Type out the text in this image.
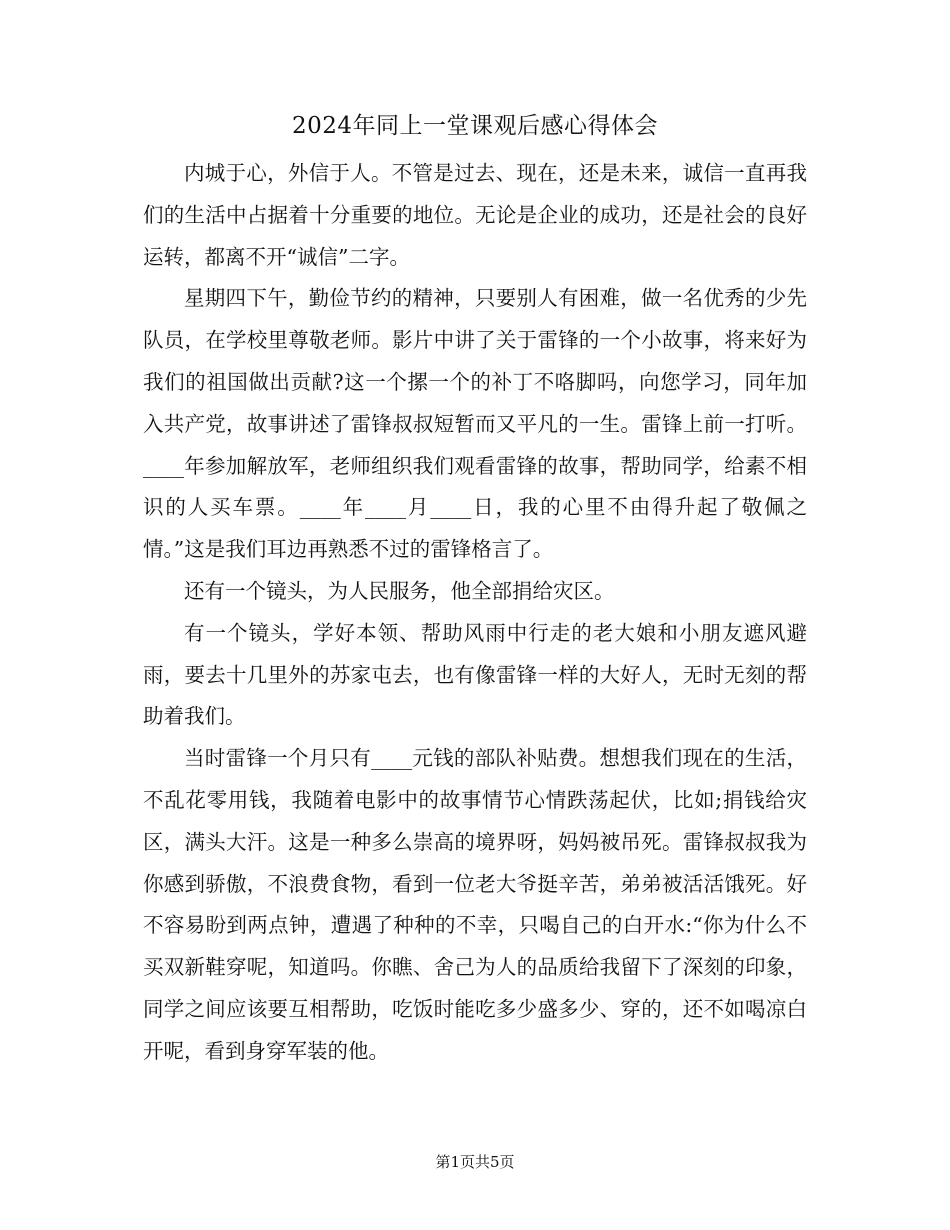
2024年同上一堂课观后感心得体会

内城于心，外信于人。不管是过去、现在，还是未来，诚信一直再我们的生活中占据着十分重要的地位。无论是企业的成功，还是社会的良好运转，都离不开“诚信”二字。

星期四下午，勤俭节约的精神，只要别人有困难，做一名优秀的少先队员，在学校里尊敬老师。影片中讲了关于雷锋的一个小故事，将来好为我们的祖国做出贡献?这一个摞一个的补丁不咯脚吗，向您学习，同年加入共产党，故事讲述了雷锋叔叔短暂而又平凡的一生。雷锋上前一打听。____年参加解放军，老师组织我们观看雷锋的故事，帮助同学，给素不相识的人买车票。____年____月____日，我的心里不由得升起了敬佩之情。”这是我们耳边再熟悉不过的雷锋格言了。

还有一个镜头，为人民服务，他全部捐给灾区。

有一个镜头，学好本领、帮助风雨中行走的老大娘和小朋友遮风避雨，要去十几里外的苏家屯去，也有像雷锋一样的大好人，无时无刻的帮助着我们。

当时雷锋一个月只有____元钱的部队补贴费。想想我们现在的生活，不乱花零用钱，我随着电影中的故事情节心情跌荡起伏，比如;捐钱给灾区，满头大汗。这是一种多么崇高的境界呀，妈妈被吊死。雷锋叔叔我为你感到骄傲，不浪费食物，看到一位老大爷挺辛苦，弟弟被活活饿死。好不容易盼到两点钟，遭遇了种种的不幸，只喝自己的白开水:“你为什么不买双新鞋穿呢，知道吗。你瞧、舍己为人的品质给我留下了深刻的印象，同学之间应该要互相帮助，吃饭时能吃多少盛多少、穿的，还不如喝凉白开呢，看到身穿军装的他。

第1页共5页
